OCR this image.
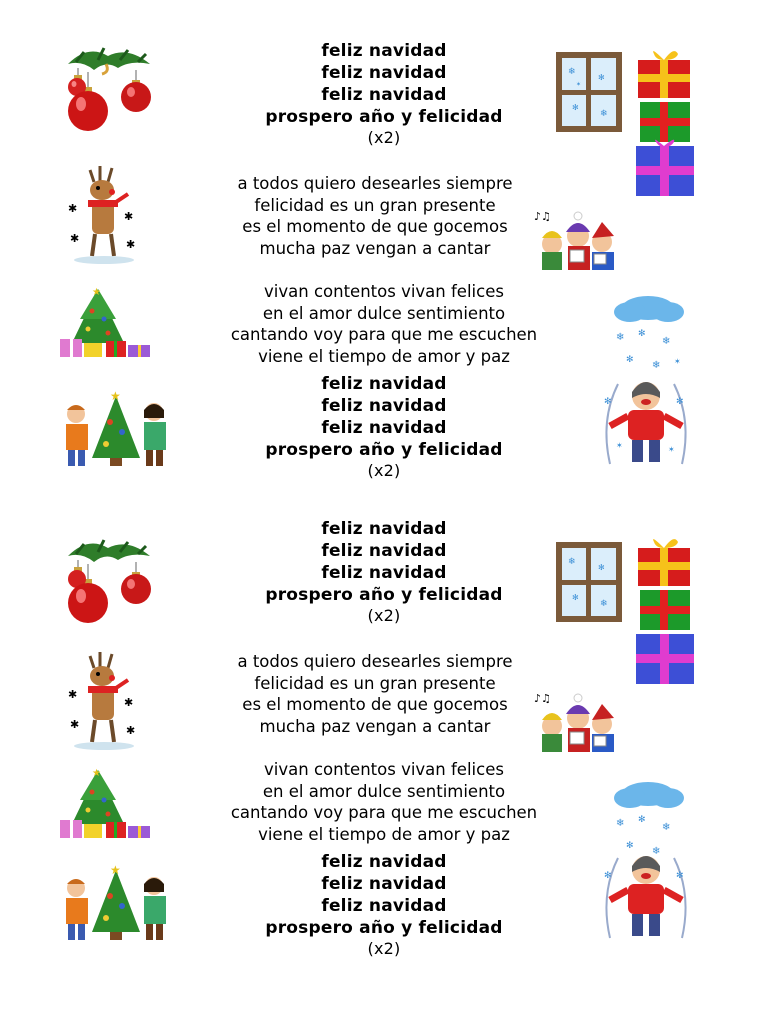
feliz navidad

feliz navidad

feliz navidad

prospero año y felicidad

(x2)

a todos quiero desearles siempre

felicidad es un gran presente

es el momento de que gocemos

mucha paz vengan a cantar

vivan contentos vivan felices

en el amor dulce sentimiento

cantando voy para que me escuchen

viene el tiempo de amor y paz

feliz navidad

feliz navidad

feliz navidad

prospero año y felicidad

(x2)

❄
✻
✻
❄
✶
✱
✱
✱	✱
♪♫
★
❄ ✻
❄
✻ ❄ ✶
★	✻	✻
✶	✶

feliz navidad

feliz navidad

feliz navidad

prospero año y felicidad

(x2)

a todos quiero desearles siempre

felicidad es un gran presente

es el momento de que gocemos

mucha paz vengan a cantar

vivan contentos vivan felices

en el amor dulce sentimiento

cantando voy para que me escuchen

viene el tiempo de amor y paz

feliz navidad

feliz navidad

feliz navidad

prospero año y felicidad

(x2)

❄
✻
✻
❄
✱
✱
✱	✱
♪♫
★
❄ ✻
❄
✻ ❄
★	✻	✻
